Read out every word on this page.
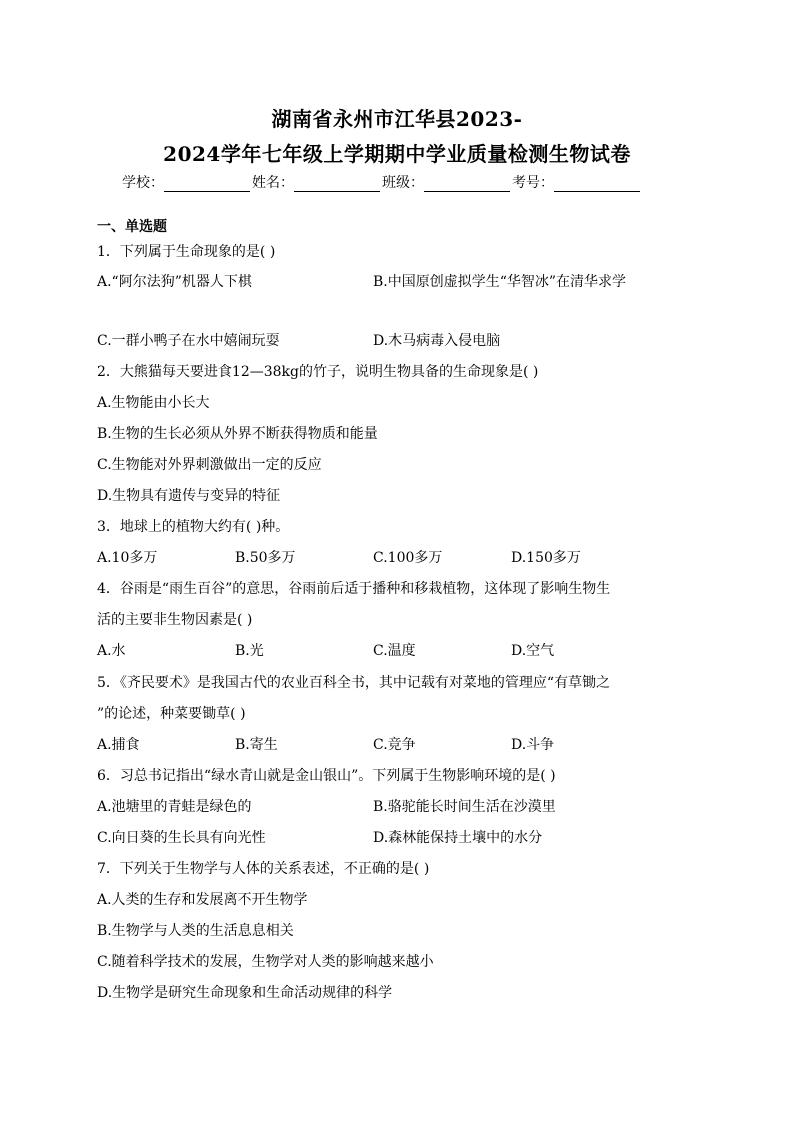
湖南省永州市江华县2023-
2024学年七年级上学期期中学业质量检测生物试卷
学校：	姓名：	班级：	考号：
一、单选题
1．下列属于生命现象的是( )
A.“阿尔法狗”机器人下棋	B.中国原创虚拟学生“华智冰”在清华求学
C.一群小鸭子在水中嬉闹玩耍	D.木马病毒入侵电脑
2．大熊猫每天要进食12—38kg的竹子，说明生物具备的生命现象是( )
A.生物能由小长大
B.生物的生长必须从外界不断获得物质和能量
C.生物能对外界刺激做出一定的反应
D.生物具有遗传与变异的特征
3．地球上的植物大约有( )种。
A.10多万	B.50多万	C.100多万	D.150多万
4．谷雨是“雨生百谷”的意思，谷雨前后适于播种和移栽植物，这体现了影响生物生
活的主要非生物因素是( )
A.水	B.光	C.温度	D.空气
5．《齐民要术》是我国古代的农业百科全书，其中记载有对菜地的管理应“有草锄之
”的论述，种菜要锄草( )
A.捕食	B.寄生	C.竞争	D.斗争
6．习总书记指出“绿水青山就是金山银山”。下列属于生物影响环境的是( )
A.池塘里的青蛙是绿色的	B.骆驼能长时间生活在沙漠里
C.向日葵的生长具有向光性	D.森林能保持土壤中的水分
7．下列关于生物学与人体的关系表述，不正确的是( )
A.人类的生存和发展离不开生物学
B.生物学与人类的生活息息相关
C.随着科学技术的发展，生物学对人类的影响越来越小
D.生物学是研究生命现象和生命活动规律的科学
